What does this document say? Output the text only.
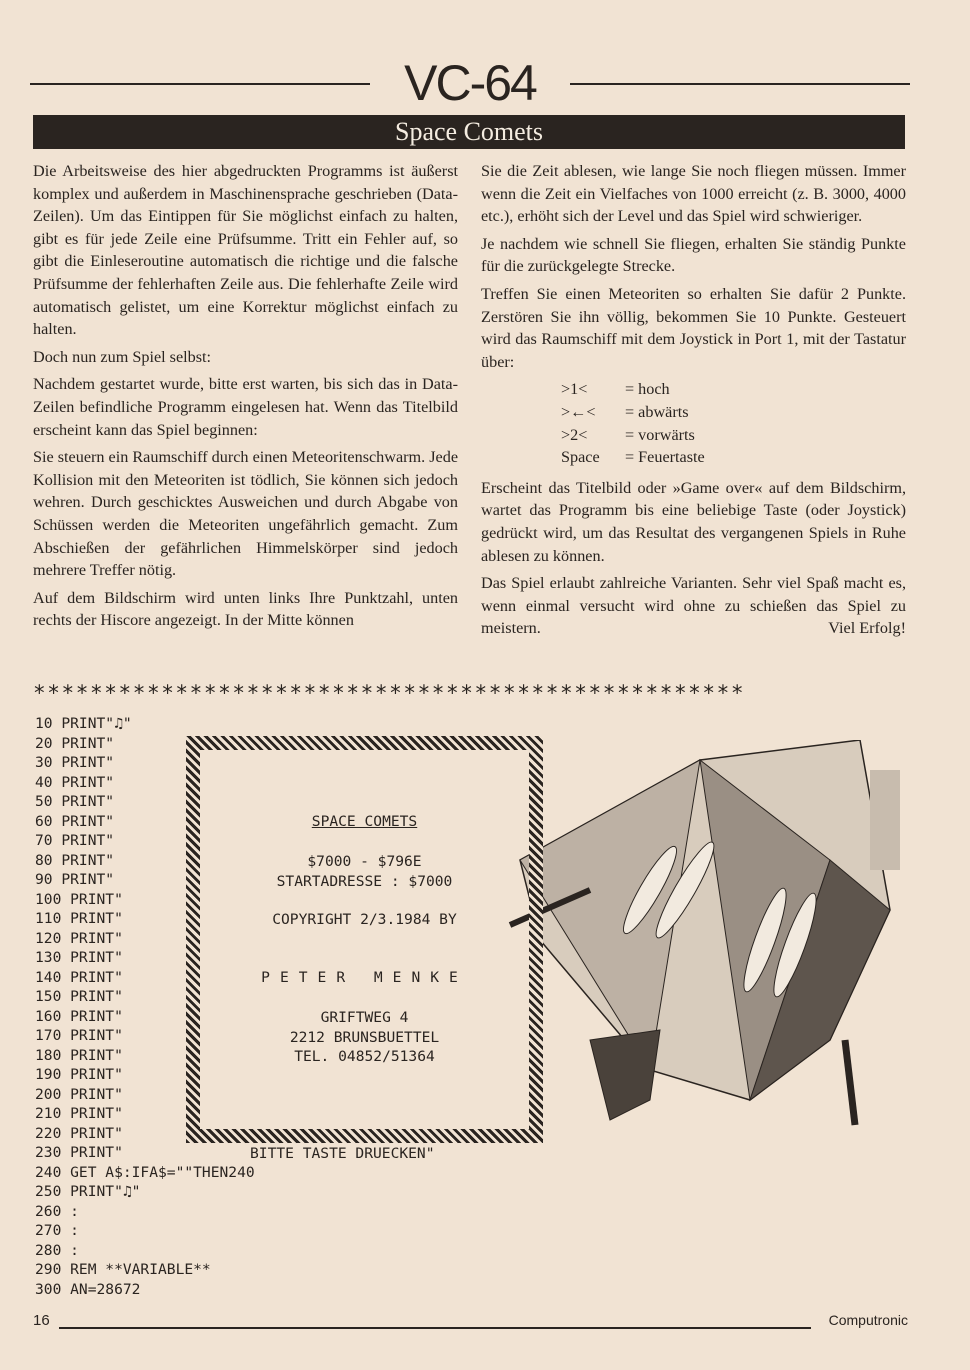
VC-64
Space Comets

Die Arbeitsweise des hier abgedruckten Programms ist äußerst komplex und außerdem in Maschinensprache geschrieben (Data-Zeilen). Um das Eintippen für Sie möglichst einfach zu halten, gibt es für jede Zeile eine Prüfsumme. Tritt ein Fehler auf, so gibt die Einleseroutine automatisch die richtige und die falsche Prüfsumme der fehlerhaften Zeile aus. Die fehlerhafte Zeile wird automatisch gelistet, um eine Korrektur möglichst einfach zu halten.

Doch nun zum Spiel selbst:

Nachdem gestartet wurde, bitte erst warten, bis sich das in Data-Zeilen befindliche Programm eingelesen hat. Wenn das Titelbild erscheint kann das Spiel beginnen:

Sie steuern ein Raumschiff durch einen Meteoritenschwarm. Jede Kollision mit den Meteoriten ist tödlich, Sie können sich jedoch wehren. Durch geschicktes Ausweichen und durch Abgabe von Schüssen werden die Meteoriten ungefährlich gemacht. Zum Abschießen der gefährlichen Himmelskörper sind jedoch mehrere Treffer nötig.

Auf dem Bildschirm wird unten links Ihre Punktzahl, unten rechts der Hiscore angezeigt. In der Mitte können

Sie die Zeit ablesen, wie lange Sie noch fliegen müssen. Immer wenn die Zeit ein Vielfaches von 1000 erreicht (z. B. 3000, 4000 etc.), erhöht sich der Level und das Spiel wird schwieriger.

Je nachdem wie schnell Sie fliegen, erhalten Sie ständig Punkte für die zurückgelegte Strecke.

Treffen Sie einen Meteoriten so erhalten Sie dafür 2 Punkte. Zerstören Sie ihn völlig, bekommen Sie 10 Punkte. Gesteuert wird das Raumschiff mit dem Joystick in Port 1, mit der Tastatur über:

>1<	= hoch
>←<	= abwärts
>2<	= vorwärts
Space	= Feuertaste

Erscheint das Titelbild oder »Game over« auf dem Bildschirm, wartet das Programm bis eine beliebige Taste (oder Joystick) gedrückt wird, um das Resultat des vergangenen Spiels in Ruhe ablesen zu können.

Das Spiel erlaubt zahlreiche Varianten. Sehr viel Spaß macht es, wenn einmal versucht wird ohne zu schießen das Spiel zu meistern.	Viel Erfolg!

**************************************************
10 PRINT"♫"
20 PRINT"
30 PRINT"
40 PRINT"
50 PRINT"
60 PRINT"
70 PRINT"
80 PRINT"
90 PRINT"
100 PRINT"
110 PRINT"
120 PRINT"
130 PRINT"
140 PRINT"
150 PRINT"
160 PRINT"
170 PRINT"
180 PRINT"
190 PRINT"
200 PRINT"
210 PRINT"
220 PRINT"
230 PRINT"
240 GET A$:IFA$=""THEN240
250 PRINT"♫"
260 :
270 :
280 :
290 REM **VARIABLE**
300 AN=28672
SPACE COMETS
$7000 - $796E
STARTADRESSE : $7000
COPYRIGHT 2/3.1984 BY
PETER MENKE
GRIFTWEG 4
2212 BRUNSBUETTEL
TEL. 04852/51364
BITTE TASTE DRUECKEN"
16	Computronic
